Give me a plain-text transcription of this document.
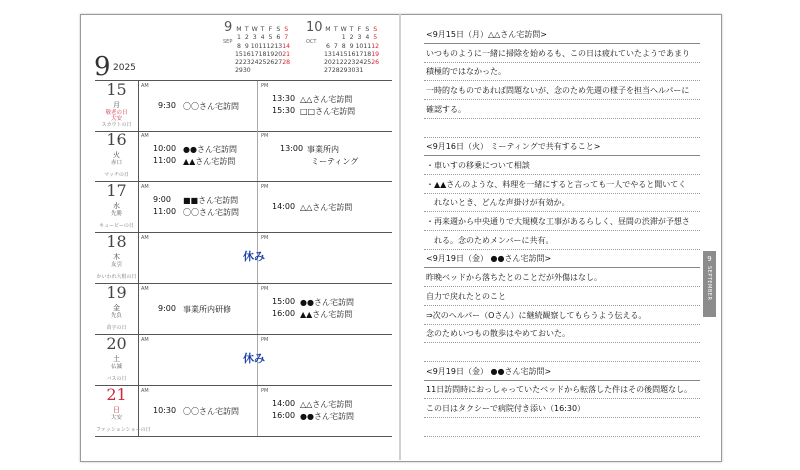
9 2025
9
SEP
M	T	W	T	F	S	S
1	2	3	4	5	6	7
8	9	10	11	12	13	14
15	16	17	18	19	20	21
22	23	24	25	26	27	28
29	30					
10
OCT
M	T	W	T	F	S	S
		1	2	3	4	5
6	7	8	9	10	11	12
13	14	15	16	17	18	19
20	21	22	23	24	25	26
27	28	29	30	31		
15
月
敬老の日
大安
スカウトの日
AM	PM
9:30 〇〇さん宅訪問
13:30 △△さん宅訪問
15:30 □□さん宅訪問
16
火
赤口
マッチの日
AM	PM
10:00 ●●さん宅訪問
11:00 ▲▲さん宅訪問
13:00 事業所内
ミーティング
17
水
先勝
キューピーの日
AM	PM
9:00 ■■さん宅訪問
11:00 〇〇さん宅訪問
14:00 △△さん宅訪問
18
木
友引
かいわれ大根の日
AM	PM
休み
19
金
先負
苗字の日
AM	PM
9:00 事業所内研修
15:00 ●●さん宅訪問
16:00 ▲▲さん宅訪問
20
土
仏滅
バスの日
AM	PM
休み
21
日
大安
ファッションショーの日
AM	PM
10:30 〇〇さん宅訪問
14:00 △△さん宅訪問
16:00 ●●さん宅訪問
<9月15日（月）△△さん宅訪問>
いつものように一緒に掃除を始めるも、この日は疲れていたようであまり
積極的ではなかった。
一時的なものであれば問題ないが、念のため先週の様子を担当ヘルパーに
確認する。
<9月16日（火） ミーティングで共有すること>
・車いすの移乗について相談
・▲▲さんのような、料理を一緒にすると言っても一人でやると聞いてく
　れないとき、どんな声掛けが有効か。
・再来週から中央通りで大規模な工事があるらしく、昼間の渋滞が予想さ
　れる。念のためメンバーに共有。
<9月19日（金） ●●さん宅訪問>
昨晩ベッドから落ちたとのことだが外傷はなし。
自力で戻れたとのこと
⇒次のヘルパー（Oさん）に継続観察してもらうよう伝える。
念のためいつもの散歩はやめておいた。
<9月19日（金） ●●さん宅訪問>
11日訪問時におっしゃっていたベッドから転落した件はその後問題なし。
この日はタクシーで病院付き添い（16:30）
9
SEPTEMBER
